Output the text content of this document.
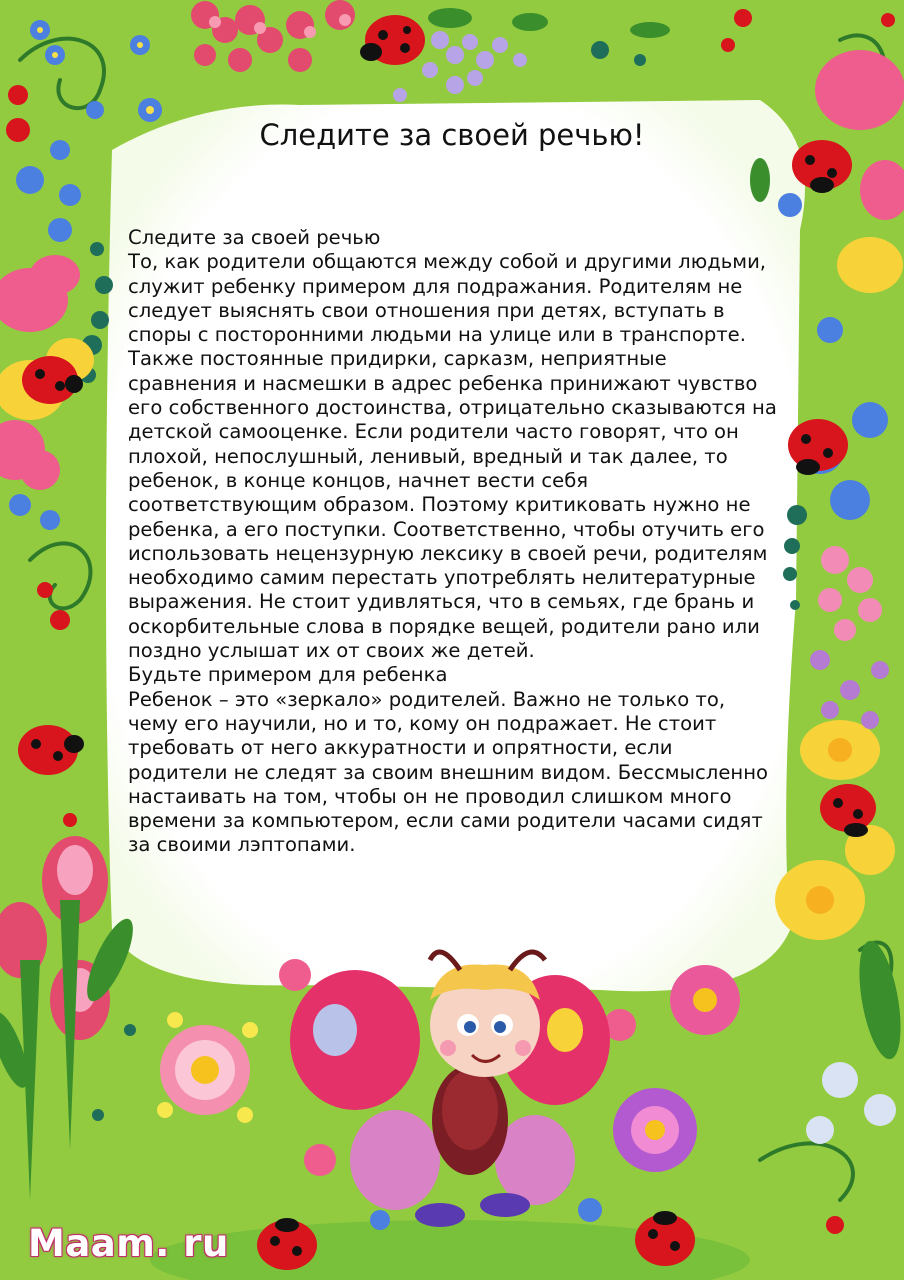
Следите за своей речью!

Следите за своей речью

То, как родители общаются между собой и другими людьми, служит ребенку примером для подражания. Родителям не следует выяснять свои отношения при детях, вступать в споры с посторонними людьми на улице или в транспорте. Также постоянные придирки, сарказм, неприятные сравнения и насмешки в адрес ребенка принижают чувство его собственного достоинства, отрицательно сказываются на детской самооценке. Если родители часто говорят, что он плохой, непослушный, ленивый, вредный и так далее, то ребенок, в конце концов, начнет вести себя соответствующим образом. Поэтому критиковать нужно не ребенка, а его поступки. Соответственно, чтобы отучить его использовать нецензурную лексику в своей речи, родителям необходимо самим перестать употреблять нелитературные выражения. Не стоит удивляться, что в семьях, где брань и оскорбительные слова в порядке вещей, родители рано или поздно услышат их от своих же детей.

Будьте примером для ребенка

Ребенок – это «зеркало» родителей. Важно не только то, чему его научили, но и то, кому он подражает. Не стоит требовать от него аккуратности и опрятности, если родители не следят за своим внешним видом. Бессмысленно настаивать на том, чтобы он не проводил слишком много времени за компьютером, если сами родители часами сидят за своими лэптопами.

Maam. ru
